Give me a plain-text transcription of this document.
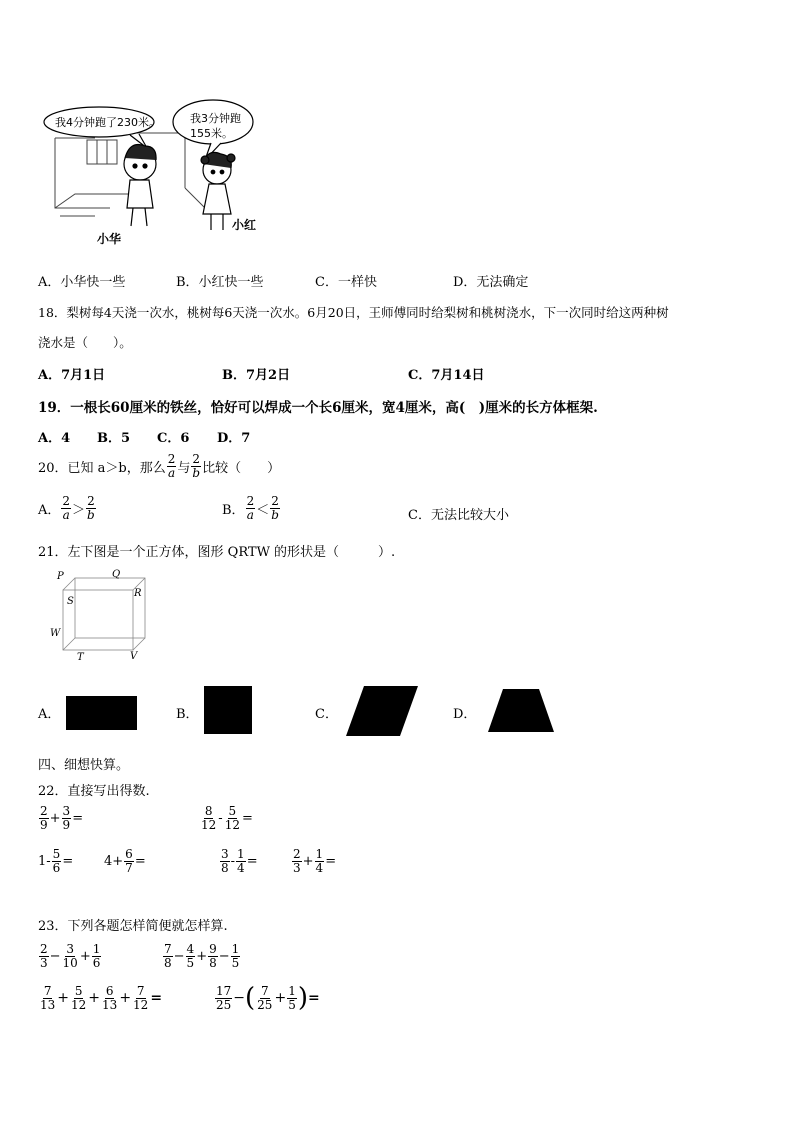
我4分钟跑了230米。	我3分钟跑
155米。
小华
小红
A．小华快一些	B．小红快一些	C．一样快	D．无法确定
18．梨树每4天浇一次水，桃树每6天浇一次水。6月20日，王师傅同时给梨树和桃树浇水，下一次同时给这两种树
浇水是（　　）。
A．7月1日	B．7月2日	C．7月14日
19．一根长60厘米的铁丝，恰好可以焊成一个长6厘米，宽4厘米，高(　)厘米的长方体框架.
A．4 B．5 C．6 D．7
20．已知 a＞b，那么 $\frac{2}{a}$ 与 $\frac{2}{b}$ 比较（　　）
A． $\frac{2}{a} > \frac{2}{b}$	B． $\frac{2}{a} < \frac{2}{b}$	C．无法比较大小
21．左下图是一个正方体，图形 QRTW 的形状是（　　　）.
P	Q
R
S
W
T	V
A．	B．	C．	D．
四、细想快算。
22．直接写出得数.
$\frac{2}{9} + \frac{3}{9}$ =	$\frac{8}{12} - \frac{5}{12}$ =
$1- \frac{5}{6} = 4+ \frac{6}{7}$ =	$\frac{3}{8} - \frac{1}{4}$ =	$\frac{2}{3} + \frac{1}{4}$ =
23．下列各题怎样简便就怎样算.
$\frac{2}{3} - \frac{3}{10} + \frac{1}{6}$	$\frac{7}{8} - \frac{4}{5} + \frac{9}{8} - \frac{1}{5}$
$\frac{7}{13} + \frac{5}{12} + \frac{6}{13} + \frac{7}{12}$ =	$\frac{17}{25}$ − ( $\frac{7}{25} + \frac{1}{5}$ ) =
